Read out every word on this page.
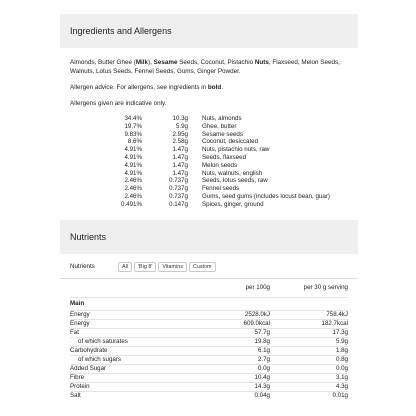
Ingredients and Allergens

Almonds, Butter Ghee (Milk), Sesame Seeds, Coconut, Pistachio Nuts, Flaxseed, Melon Seeds, Walnuts, Lotus Seeds, Fennel Seeds, Gums, Ginger Powder.

Allergen advice. For allergens, see ingredients in bold.

Allergens given are indicative only.

34.4%	10.3g	Nuts, almonds
19.7%	5.9g	Ghee, butter
9.83%	2.95g	Sesame seeds
8.6%	2.58g	Coconut, desiccated
4.91%	1.47g	Nuts, pistachio nuts, raw
4.91%	1.47g	Seeds, flaxseed
4.91%	1.47g	Melon seeds
4.91%	1.47g	Nuts, walnuts, english
2.46%	0.737g	Seeds, lotus seeds, raw
2.46%	0.737g	Fennel seeds
2.46%	0.737g	Gums, seed gums (includes locust bean, guar)
0.491%	0.147g	Spices, ginger, ground
Nutrients
Nutrients	All	'Big 8'	Vitamins	Custom
	per 100g	per 30 g serving
Main		
Energy	2528.0kJ	758.4kJ
Energy	609.0kcal	182.7kcal
Fat	57.7g	17.3g
of which saturates	19.8g	5.9g
Carbohydrate	6.1g	1.8g
of which sugars	2.7g	0.8g
Added Sugar	0.0g	0.0g
Fibre	10.4g	3.1g
Protein	14.3g	4.3g
Salt	0.04g	0.01g
